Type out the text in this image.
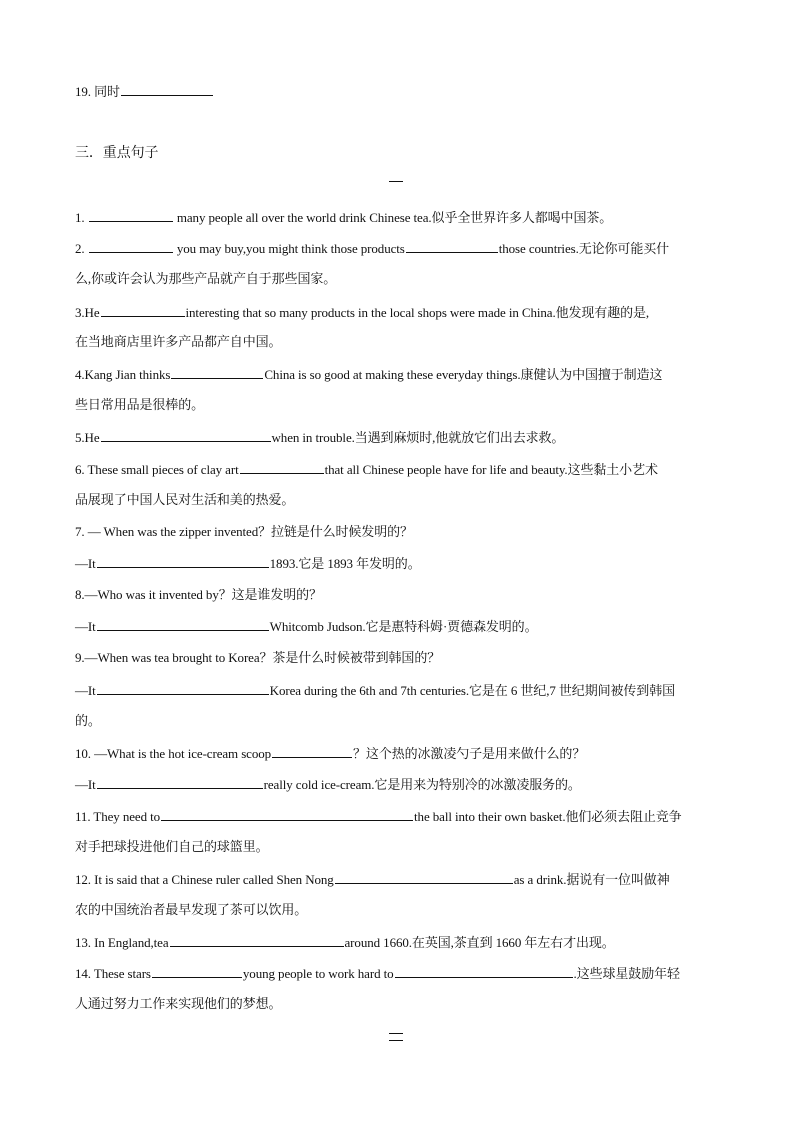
19. 同时
三．重点句子
1.	many people all over the world drink Chinese tea.似乎全世界许多人都喝中国茶。
2.	you may buy,you might think those products	those countries.无论你可能买什
么,你或许会认为那些产品就产自于那些国家。
3.He	interesting that so many products in the local shops were made in China.他发现有趣的是,
在当地商店里许多产品都产自中国。
4.Kang Jian thinks	China is so good at making these everyday things.康健认为中国擅于制造这
些日常用品是很棒的。
5.He	when in trouble.当遇到麻烦时,他就放它们出去求救。
6. These small pieces of clay art	that all Chinese people have for life and beauty.这些黏土小艺术
品展现了中国人民对生活和美的热爱。
7. — When was the zipper invented？拉链是什么时候发明的？
—It	1893.它是 1893 年发明的。
8.—Who was it invented by？这是谁发明的？
—It	Whitcomb Judson.它是惠特科姆·贾德森发明的。
9.—When was tea brought to Korea？茶是什么时候被带到韩国的？
—It	Korea during the 6th and 7th centuries.它是在 6 世纪,7 世纪期间被传到韩国
的。
10. —What is the hot ice-cream scoop	？这个热的冰激凌勺子是用来做什么的？
—It	really cold ice-cream.它是用来为特别冷的冰激凌服务的。
11. They need to	the ball into their own basket.他们必须去阻止竞争
对手把球投进他们自己的球篮里。
12. It is said that a Chinese ruler called Shen Nong	as a drink.据说有一位叫做神
农的中国统治者最早发现了茶可以饮用。
13. In England,tea	around 1660.在英国,茶直到 1660 年左右才出现。
14. These stars	young people to work hard to	.这些球星鼓励年轻
人通过努力工作来实现他们的梦想。
